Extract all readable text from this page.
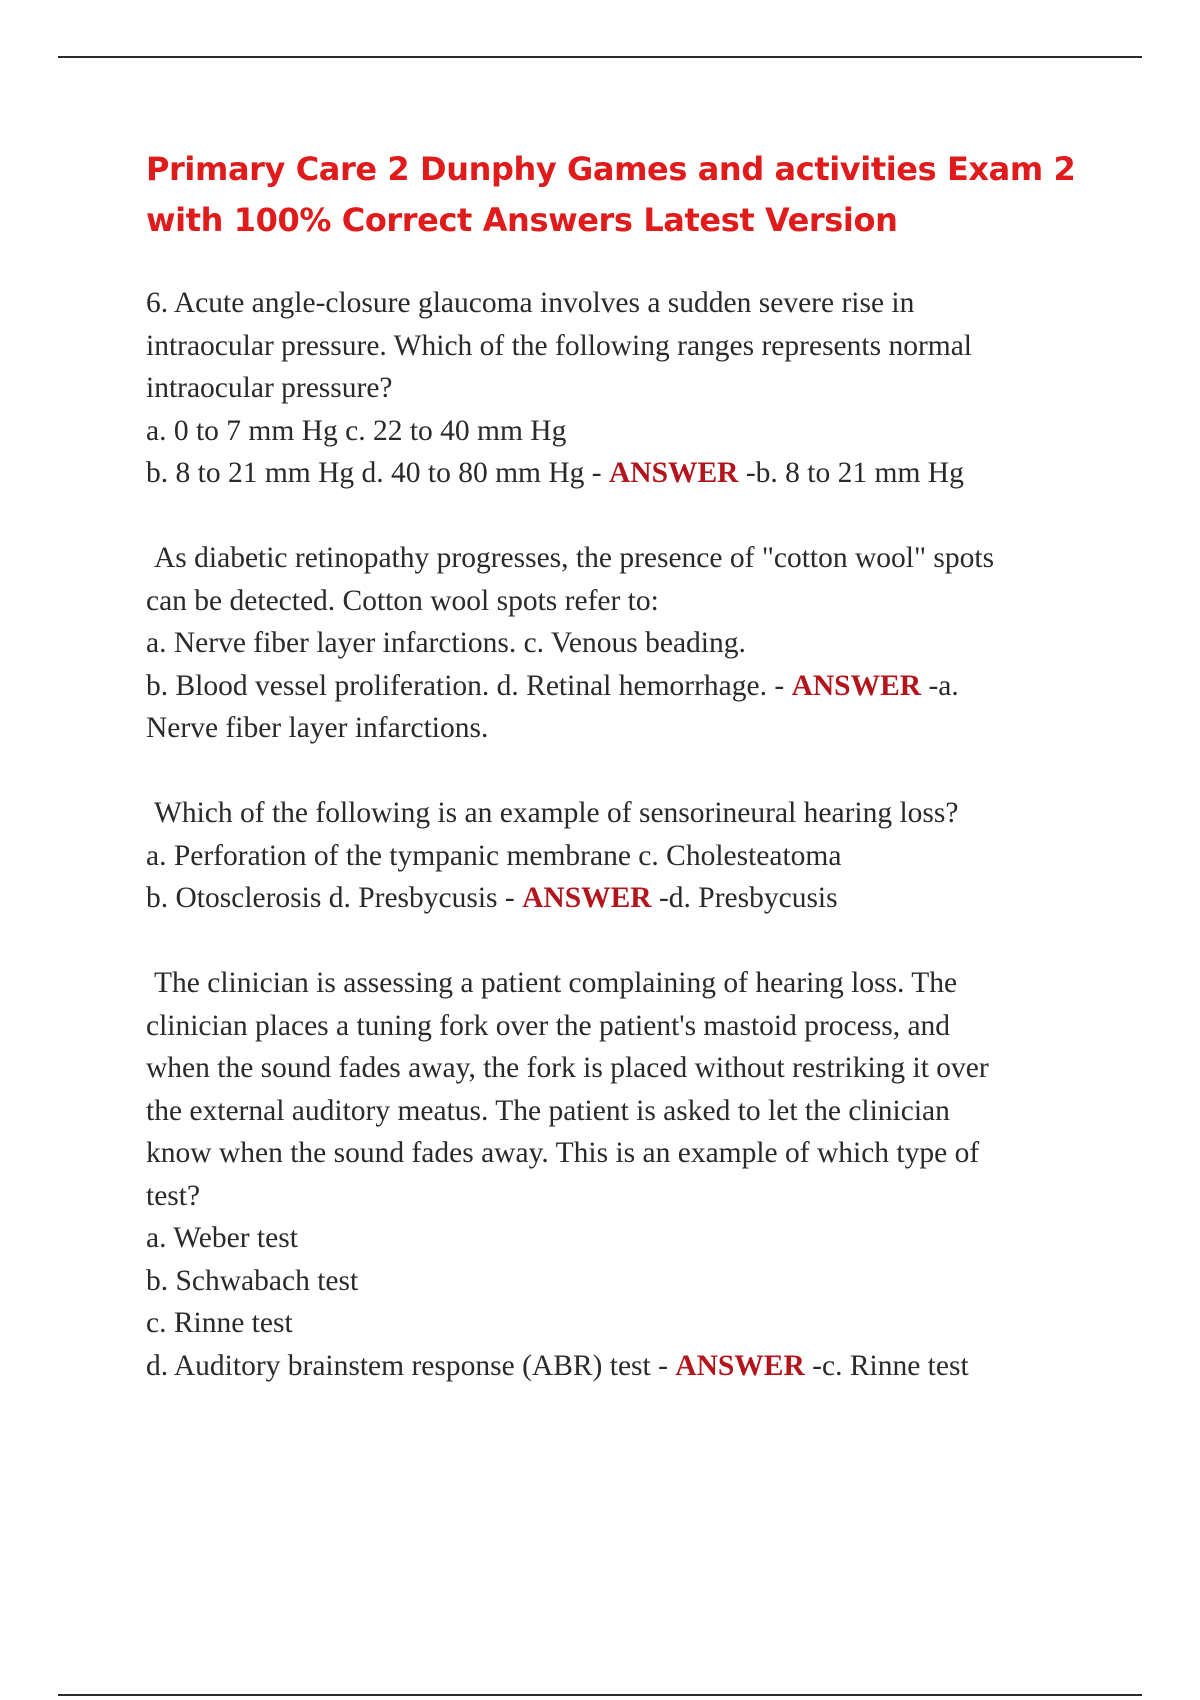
Primary Care 2 Dunphy Games and activities Exam 2
with 100% Correct Answers Latest Version
6. Acute angle-closure glaucoma involves a sudden severe rise in
intraocular pressure. Which of the following ranges represents normal
intraocular pressure?
a. 0 to 7 mm Hg c. 22 to 40 mm Hg
b. 8 to 21 mm Hg d. 40 to 80 mm Hg - ANSWER -b. 8 to 21 mm Hg
As diabetic retinopathy progresses, the presence of "cotton wool" spots
can be detected. Cotton wool spots refer to:
a. Nerve fiber layer infarctions. c. Venous beading.
b. Blood vessel proliferation. d. Retinal hemorrhage. - ANSWER -a.
Nerve fiber layer infarctions.
Which of the following is an example of sensorineural hearing loss?
a. Perforation of the tympanic membrane c. Cholesteatoma
b. Otosclerosis d. Presbycusis - ANSWER -d. Presbycusis
The clinician is assessing a patient complaining of hearing loss. The
clinician places a tuning fork over the patient's mastoid process, and
when the sound fades away, the fork is placed without restriking it over
the external auditory meatus. The patient is asked to let the clinician
know when the sound fades away. This is an example of which type of
test?
a. Weber test
b. Schwabach test
c. Rinne test
d. Auditory brainstem response (ABR) test - ANSWER -c. Rinne test
